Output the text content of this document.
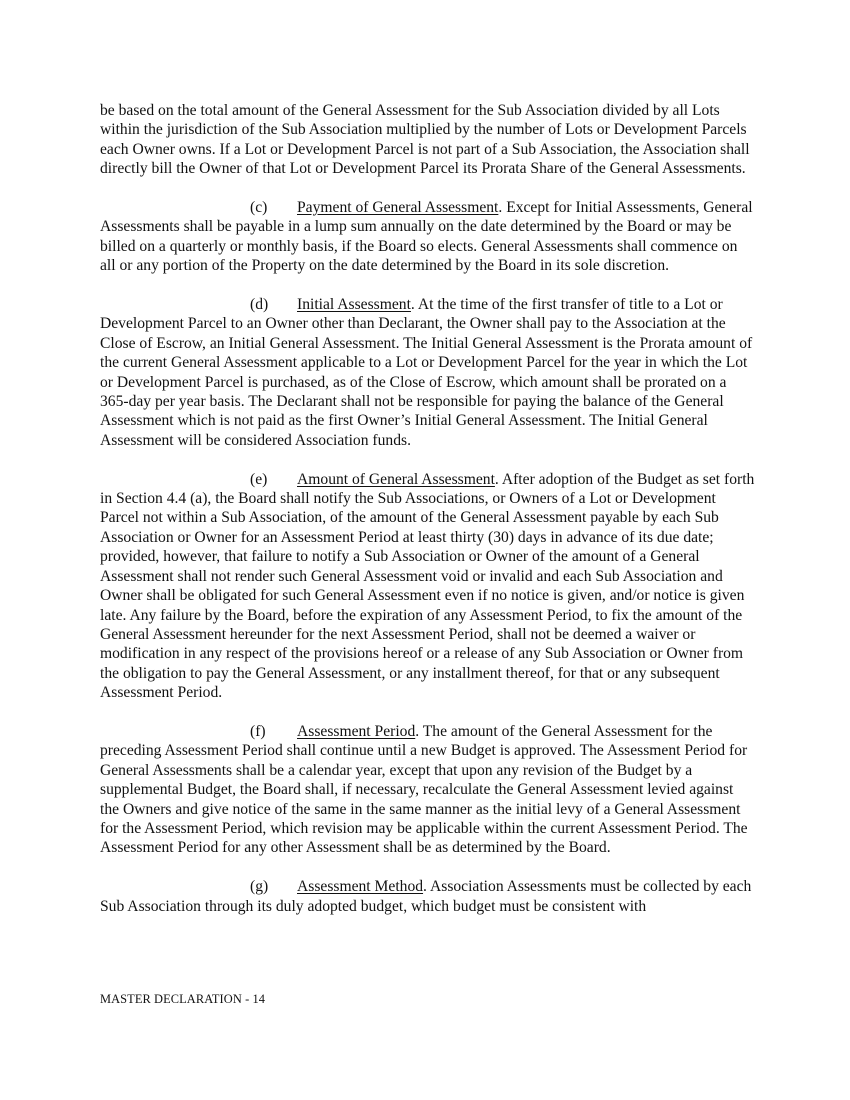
be based on the total amount of the General Assessment for the Sub Association divided by all Lots within the jurisdiction of the Sub Association multiplied by the number of Lots or Development Parcels each Owner owns. If a Lot or Development Parcel is not part of a Sub Association, the Association shall directly bill the Owner of that Lot or Development Parcel its Prorata Share of the General Assessments.

(c) Payment of General Assessment. Except for Initial Assessments, General Assessments shall be payable in a lump sum annually on the date determined by the Board or may be billed on a quarterly or monthly basis, if the Board so elects. General Assessments shall commence on all or any portion of the Property on the date determined by the Board in its sole discretion.

(d) Initial Assessment. At the time of the first transfer of title to a Lot or Development Parcel to an Owner other than Declarant, the Owner shall pay to the Association at the Close of Escrow, an Initial General Assessment. The Initial General Assessment is the Prorata amount of the current General Assessment applicable to a Lot or Development Parcel for the year in which the Lot or Development Parcel is purchased, as of the Close of Escrow, which amount shall be prorated on a 365-day per year basis. The Declarant shall not be responsible for paying the balance of the General Assessment which is not paid as the first Owner’s Initial General Assessment. The Initial General Assessment will be considered Association funds.

(e) Amount of General Assessment. After adoption of the Budget as set forth in Section 4.4 (a), the Board shall notify the Sub Associations, or Owners of a Lot or Development Parcel not within a Sub Association, of the amount of the General Assessment payable by each Sub Association or Owner for an Assessment Period at least thirty (30) days in advance of its due date; provided, however, that failure to notify a Sub Association or Owner of the amount of a General Assessment shall not render such General Assessment void or invalid and each Sub Association and Owner shall be obligated for such General Assessment even if no notice is given, and/or notice is given late. Any failure by the Board, before the expiration of any Assessment Period, to fix the amount of the General Assessment hereunder for the next Assessment Period, shall not be deemed a waiver or modification in any respect of the provisions hereof or a release of any Sub Association or Owner from the obligation to pay the General Assessment, or any installment thereof, for that or any subsequent Assessment Period.

(f) Assessment Period. The amount of the General Assessment for the preceding Assessment Period shall continue until a new Budget is approved. The Assessment Period for General Assessments shall be a calendar year, except that upon any revision of the Budget by a supplemental Budget, the Board shall, if necessary, recalculate the General Assessment levied against the Owners and give notice of the same in the same manner as the initial levy of a General Assessment for the Assessment Period, which revision may be applicable within the current Assessment Period. The Assessment Period for any other Assessment shall be as determined by the Board.

(g) Assessment Method. Association Assessments must be collected by each Sub Association through its duly adopted budget, which budget must be consistent with

MASTER DECLARATION - 14
